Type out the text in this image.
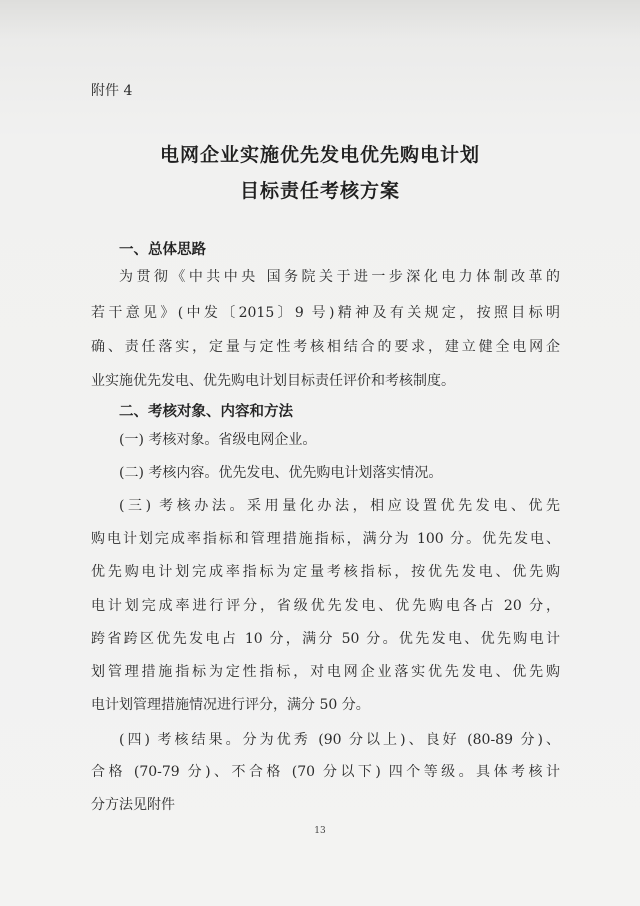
附件 4
电网企业实施优先发电优先购电计划
目标责任考核方案
一、总体思路
为贯彻《中共中央 国务院关于进一步深化电力体制改革的
若干意见》(中发〔2015〕9 号)精神及有关规定，按照目标明
确、责任落实，定量与定性考核相结合的要求，建立健全电网企
业实施优先发电、优先购电计划目标责任评价和考核制度。
二、考核对象、内容和方法
(一) 考核对象。省级电网企业。
(二) 考核内容。优先发电、优先购电计划落实情况。
(三) 考核办法。采用量化办法，相应设置优先发电、优先
购电计划完成率指标和管理措施指标，满分为 100 分。优先发电、
优先购电计划完成率指标为定量考核指标，按优先发电、优先购
电计划完成率进行评分，省级优先发电、优先购电各占 20 分，
跨省跨区优先发电占 10 分，满分 50 分。优先发电、优先购电计
划管理措施指标为定性指标，对电网企业落实优先发电、优先购
电计划管理措施情况进行评分，满分 50 分。
(四) 考核结果。分为优秀 (90 分以上)、良好 (80-89 分)、
合格 (70-79 分)、不合格 (70 分以下) 四个等级。具体考核计
分方法见附件
13
